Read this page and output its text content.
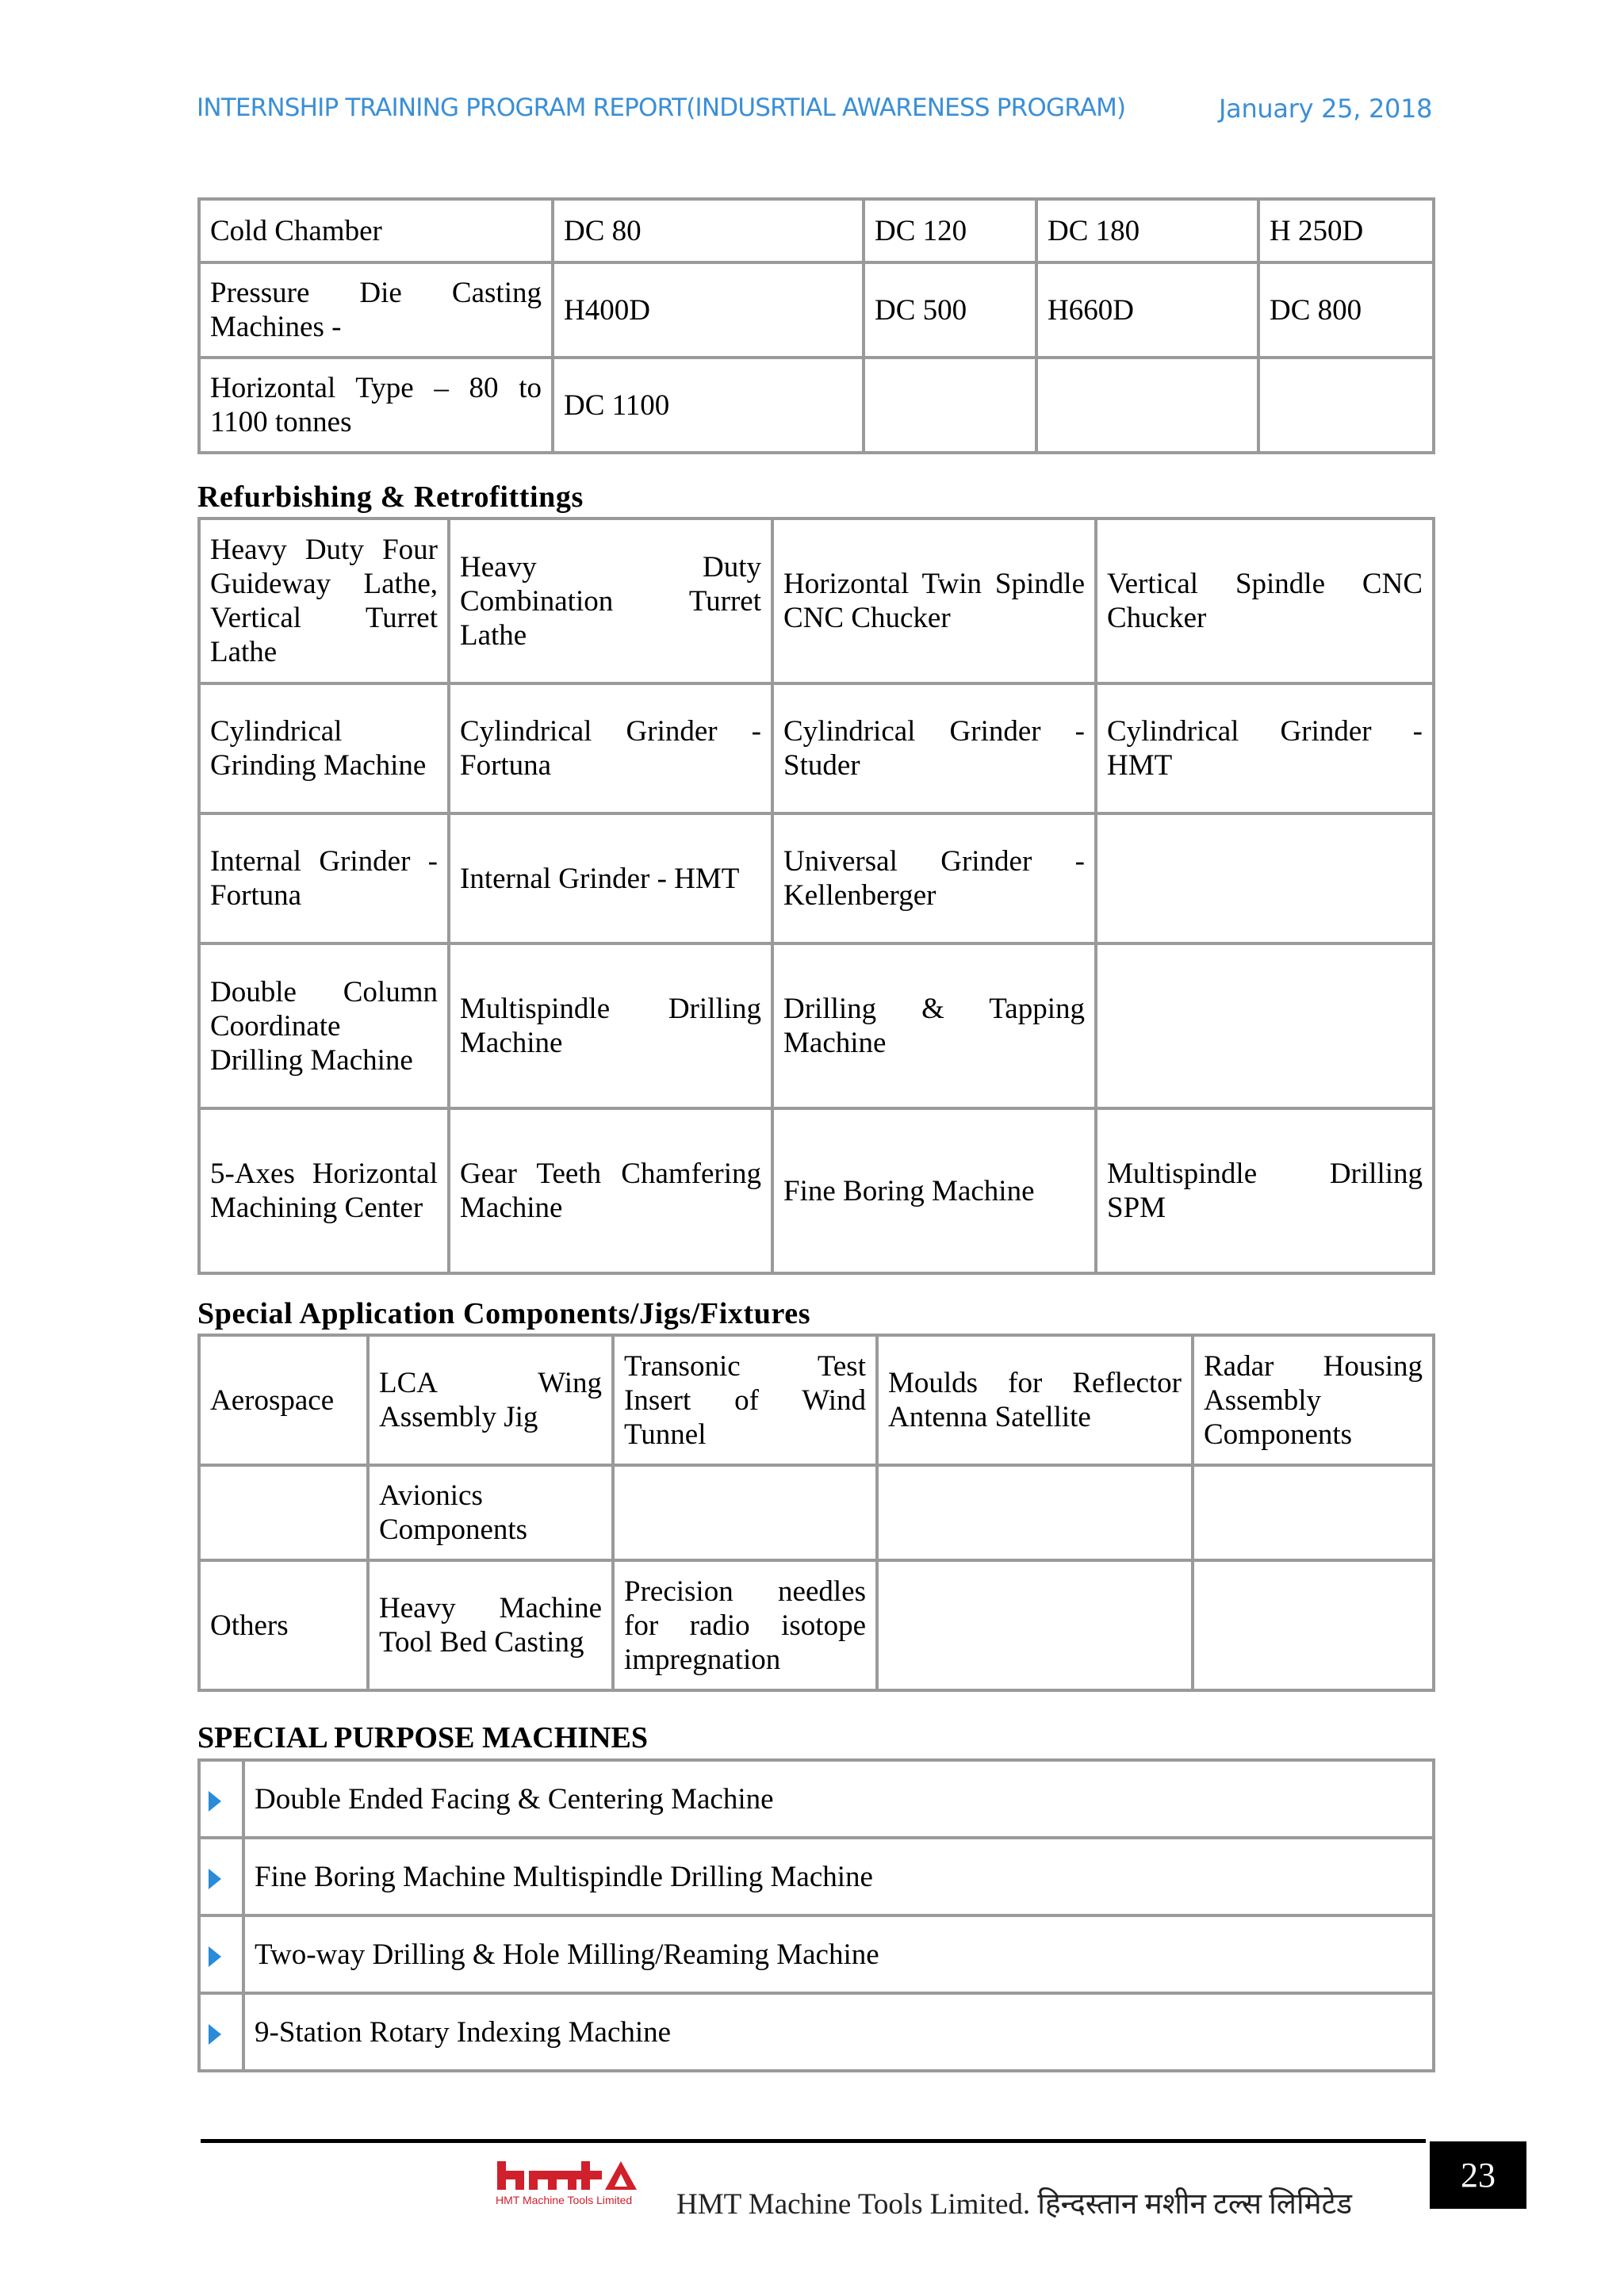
INTERNSHIP TRAINING PROGRAM REPORT(INDUSRTIAL AWARENESS PROGRAM)	January 25, 2018
Cold Chamber	DC 80	DC 120	DC 180	H 250D
Pressure Die Casting Machines -	H400D	DC 500	H660D	DC 800
Horizontal Type – 80 to 1100 tonnes	DC 1100			
Refurbishing & Retrofittings
Heavy Duty Four Guideway Lathe, Vertical Turret Lathe	Heavy Duty Combination Turret Lathe	Horizontal Twin Spindle CNC Chucker	Vertical Spindle CNC Chucker
Cylindrical Grinding Machine	Cylindrical Grinder - Fortuna	Cylindrical Grinder - Studer	Cylindrical Grinder - HMT
Internal Grinder - Fortuna	Internal Grinder - HMT	Universal Grinder - Kellenberger	
Double Column Coordinate Drilling Machine	Multispindle Drilling Machine	Drilling & Tapping Machine	
5-Axes Horizontal Machining Center	Gear Teeth Chamfering Machine	Fine Boring Machine	Multispindle Drilling SPM
Special Application Components/Jigs/Fixtures
Aerospace	LCA Wing Assembly Jig	Transonic Test Insert of Wind Tunnel	Moulds for Reflector Antenna Satellite	Radar Housing Assembly Components
	Avionics Components			
Others	Heavy Machine Tool Bed Casting	Precision needles for radio isotope impregnation		
SPECIAL PURPOSE MACHINES
	Double Ended Facing & Centering Machine
	Fine Boring Machine Multispindle Drilling Machine
	Two-way Drilling & Hole Milling/Reaming Machine
	9-Station Rotary Indexing Machine
HMT Machine Tools Limited HMT Machine Tools Limited. हिन्दस्तान मशीन टल्स लिमिटेड
23
